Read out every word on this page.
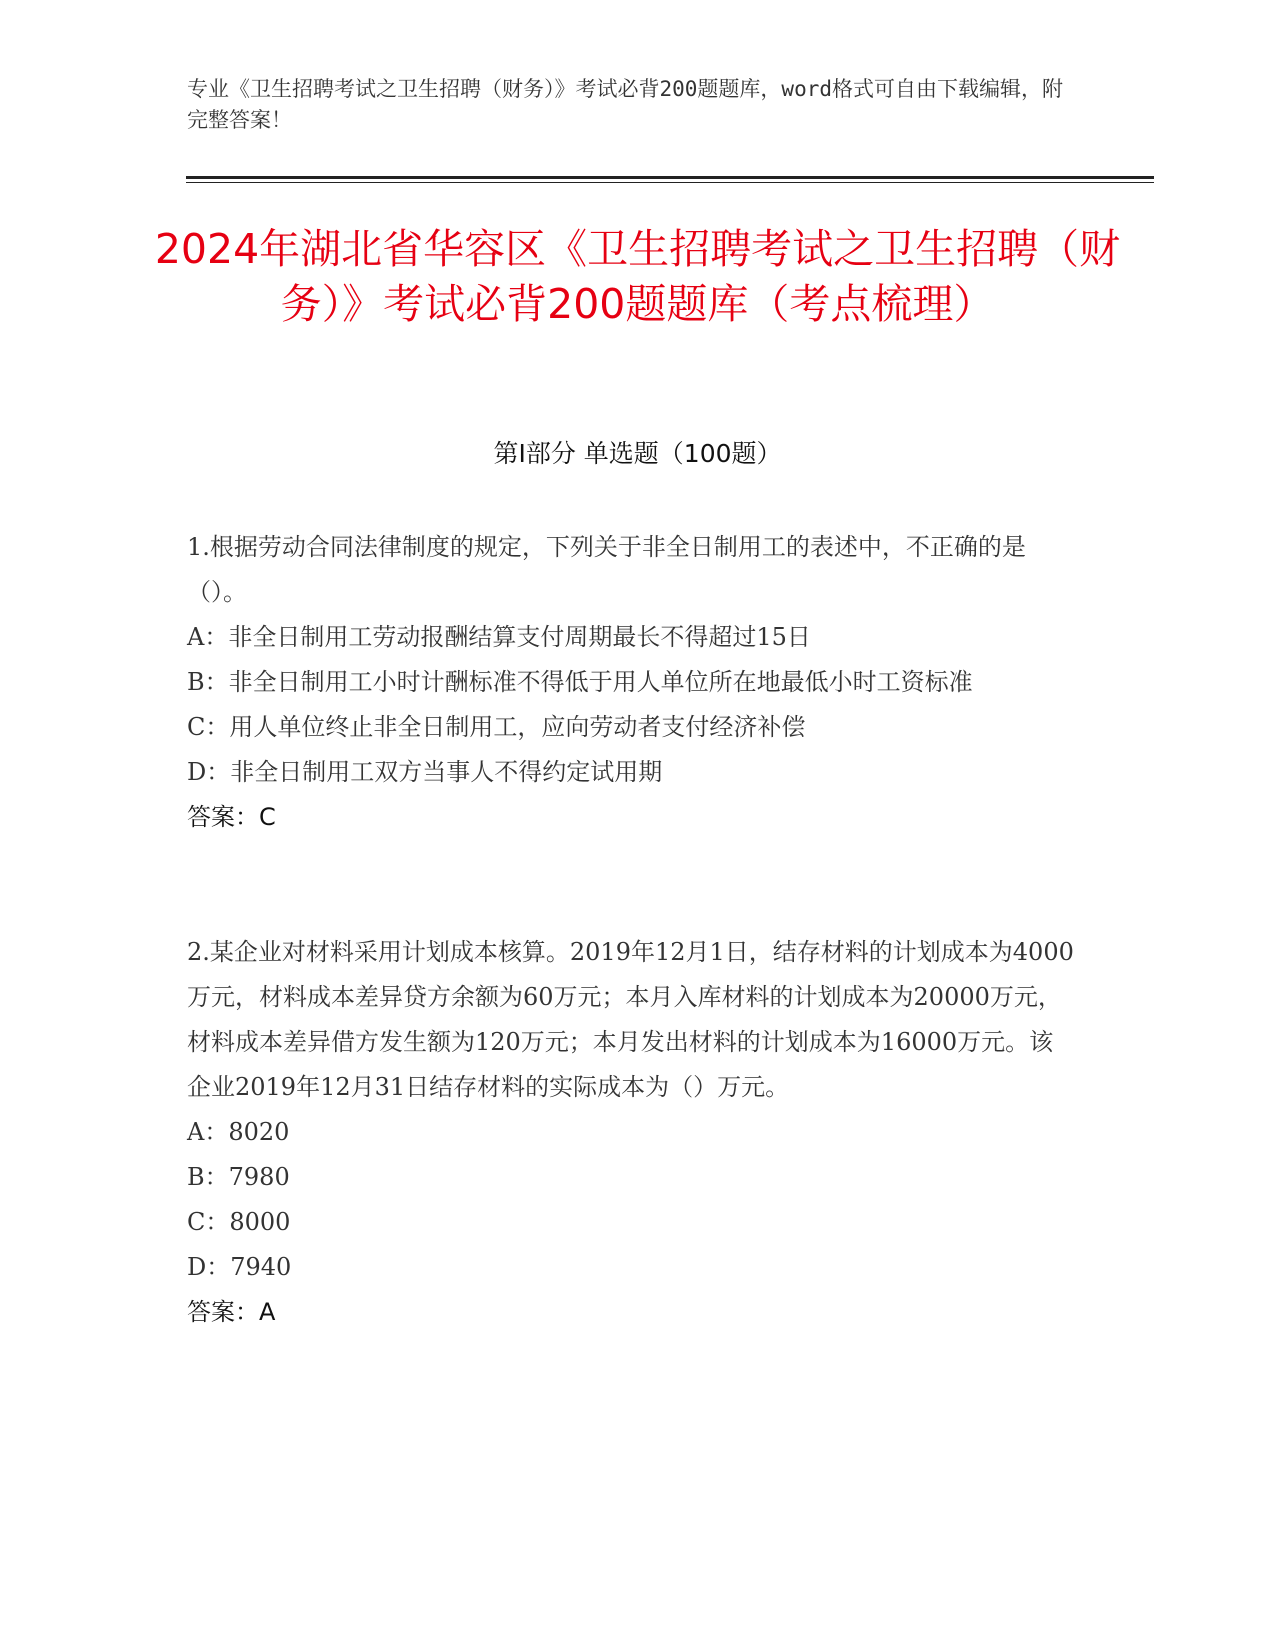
专业《卫生招聘考试之卫生招聘（财务）》考试必背200题题库，word格式可自由下载编辑，附完整答案！
2024年湖北省华容区《卫生招聘考试之卫生招聘（财务）》考试必背200题题库（考点梳理）
第I部分 单选题（100题）

1.根据劳动合同法律制度的规定，下列关于非全日制用工的表述中，不正确的是（）。

A：非全日制用工劳动报酬结算支付周期最长不得超过15日

B：非全日制用工小时计酬标准不得低于用人单位所在地最低小时工资标准

C：用人单位终止非全日制用工，应向劳动者支付经济补偿

D：非全日制用工双方当事人不得约定试用期

答案：C

2.某企业对材料采用计划成本核算。2019年12月1日，结存材料的计划成本为4000万元，材料成本差异贷方余额为60万元；本月入库材料的计划成本为20000万元，材料成本差异借方发生额为120万元；本月发出材料的计划成本为16000万元。该企业2019年12月31日结存材料的实际成本为（）万元。

A：8020

B：7980

C：8000

D：7940

答案：A
